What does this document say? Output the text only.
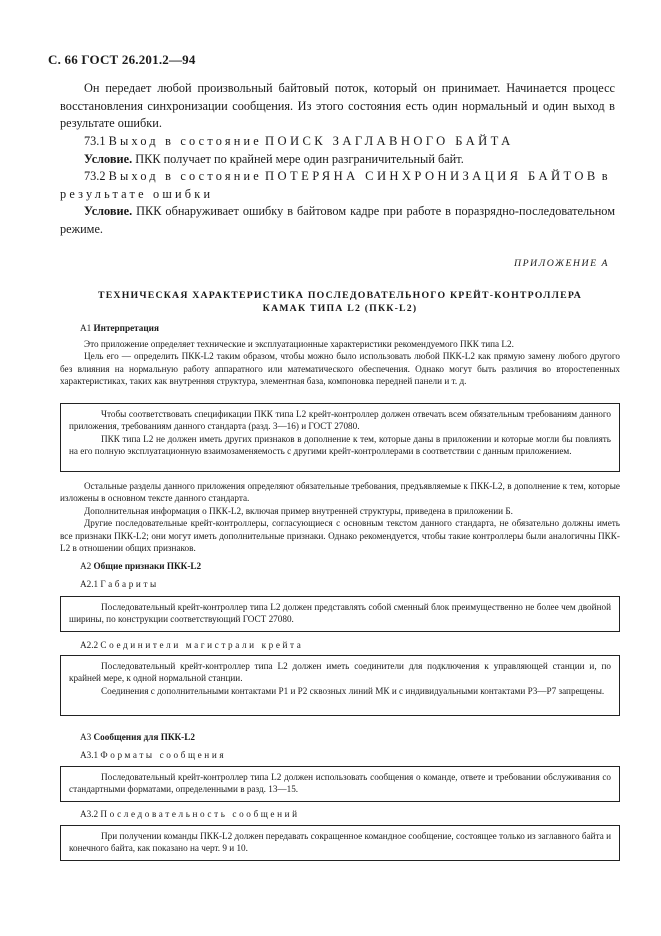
С. 66 ГОСТ 26.201.2—94

Он передает любой произвольный байтовый поток, который он принимает. Начинается процесс восстановления синхронизации сообщения. Из этого состояния есть один нормальный и один выход в результате ошибки.

73.1 Выход в состояние ПОИСК ЗАГЛАВНОГО БАЙТА

Условие. ПКК получает по крайней мере один разграничительный байт.

73.2 Выход в состояние ПОТЕРЯНА СИНХРОНИЗАЦИЯ БАЙТОВ в результате ошибки

Условие. ПКК обнаруживает ошибку в байтовом кадре при работе в поразрядно-последовательном режиме.

ПРИЛОЖЕНИЕ А
ТЕХНИЧЕСКАЯ ХАРАКТЕРИСТИКА ПОСЛЕДОВАТЕЛЬНОГО КРЕЙТ-КОНТРОЛЛЕРА
КАМАК ТИПА L2 (ПКК-L2)

А1 Интерпретация

Это приложение определяет технические и эксплуатационные характеристики рекомендуемого ПКК типа L2.

Цель его — определить ПКК-L2 таким образом, чтобы можно было использовать любой ПКК-L2 как прямую замену любого другого без влияния на нормальную работу аппаратного или математического обеспечения. Однако могут быть различия во второстепенных характеристиках, таких как внутренняя структура, элементная база, компоновка передней панели и т. д.

Чтобы соответствовать спецификации ПКК типа L2 крейт-контроллер должен отвечать всем обязательным требованиям данного приложения, требованиям данного стандарта (разд. 3—16) и ГОСТ 27080.

ПКК типа L2 не должен иметь других признаков в дополнение к тем, которые даны в приложении и которые могли бы повлиять на его полную эксплуатационную взаимозаменяемость с другими крейт-контроллерами в соответствии с данным приложением.

Остальные разделы данного приложения определяют обязательные требования, предъявляемые к ПКК-L2, в дополнение к тем, которые изложены в основном тексте данного стандарта.

Дополнительная информация о ПКК-L2, включая пример внутренней структуры, приведена в приложении Б.

Другие последовательные крейт-контроллеры, согласующиеся с основным текстом данного стандарта, не обязательно должны иметь все признаки ПКК-L2; они могут иметь дополнительные признаки. Однако рекомендуется, чтобы такие контроллеры были аналогичны ПКК-L2 в отношении общих признаков.

А2 Общие признаки ПКК-L2

А2.1 Габариты

Последовательный крейт-контроллер типа L2 должен представлять собой сменный блок преимущественно не более чем двойной ширины, по конструкции соответствующий ГОСТ 27080.

А2.2 Соединители магистрали крейта

Последовательный крейт-контроллер типа L2 должен иметь соединители для подключения к управляющей станции и, по крайней мере, к одной нормальной станции.

Соединения с дополнительными контактами Р1 и Р2 сквозных линий МК и с индивидуальными контактами Р3—Р7 запрещены.

А3 Сообщения для ПКК-L2

А3.1 Форматы сообщения

Последовательный крейт-контроллер типа L2 должен использовать сообщения о команде, ответе и требовании обслуживания со стандартными форматами, определенными в разд. 13—15.

А3.2 Последовательность сообщений

При получении команды ПКК-L2 должен передавать сокращенное командное сообщение, состоящее только из заглавного байта и конечного байта, как показано на черт. 9 и 10.
